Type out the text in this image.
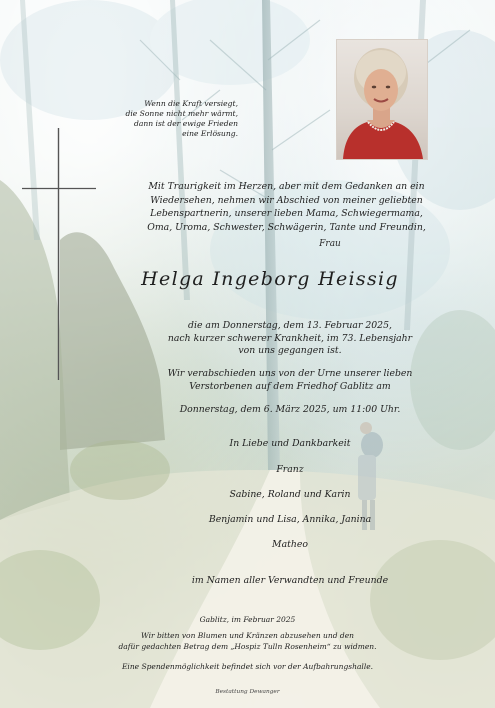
Wenn die Kraft versiegt,
die Sonne nicht mehr wärmt,
dann ist der ewige Frieden
eine Erlösung.
Mit Traurigkeit im Herzen, aber mit dem Gedanken an ein
Wiedersehen, nehmen wir Abschied von meiner geliebten
Lebenspartnerin, unserer lieben Mama, Schwiegermama,
Oma, Uroma, Schwester, Schwägerin, Tante und Freundin,
Frau
Helga Ingeborg Heissig
die am Donnerstag, dem 13. Februar 2025,
nach kurzer schwerer Krankheit, im 73. Lebensjahr
von uns gegangen ist.
Wir verabschieden uns von der Urne unserer lieben
Verstorbenen auf dem Friedhof Gablitz am
Donnerstag, dem 6. März 2025, um 11:00 Uhr.
In Liebe und Dankbarkeit
Franz
Sabine, Roland und Karin
Benjamin und Lisa, Annika, Janina
Matheo
im Namen aller Verwandten und Freunde
Gablitz, im Februar 2025
Wir bitten von Blumen und Kränzen abzusehen und den
dafür gedachten Betrag dem „Hospiz Tulln Rosenheim“ zu widmen.
Eine Spendenmöglichkeit befindet sich vor der Aufbahrungshalle.
Bestattung Dewanger
